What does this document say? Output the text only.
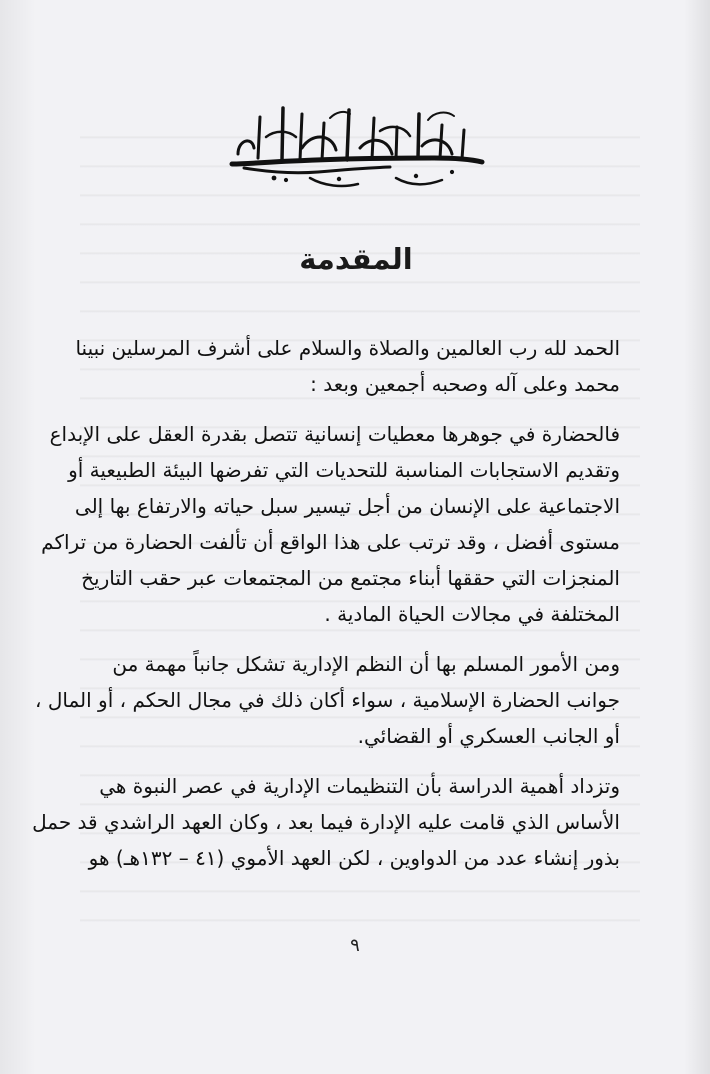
المقدمة

الحمد لله رب العالمين والصلاة والسلام على أشرف المرسلين نبينا
محمد وعلى آله وصحبه أجمعين وبعد :

فالحضارة في جوهرها معطيات إنسانية تتصل بقدرة العقل على الإبداع
وتقديم الاستجابات المناسبة للتحديات التي تفرضها البيئة الطبيعية أو
الاجتماعية على الإنسان من أجل تيسير سبل حياته والارتفاع بها إلى
مستوى أفضل ، وقد ترتب على هذا الواقع أن تألفت الحضارة من تراكم
المنجزات التي حققها أبناء مجتمع من المجتمعات عبر حقب التاريخ
المختلفة في مجالات الحياة المادية .

ومن الأمور المسلم بها أن النظم الإدارية تشكل جانباً مهمة من
جوانب الحضارة الإسلامية ، سواء أكان ذلك في مجال الحكم ، أو المال ،
أو الجانب العسكري أو القضائي.

وتزداد أهمية الدراسة بأن التنظيمات الإدارية في عصر النبوة هي
الأساس الذي قامت عليه الإدارة فيما بعد ، وكان العهد الراشدي قد حمل
بذور إنشاء عدد من الدواوين ، لكن العهد الأموي (٤١ – ١٣٢هـ) هو

٩
